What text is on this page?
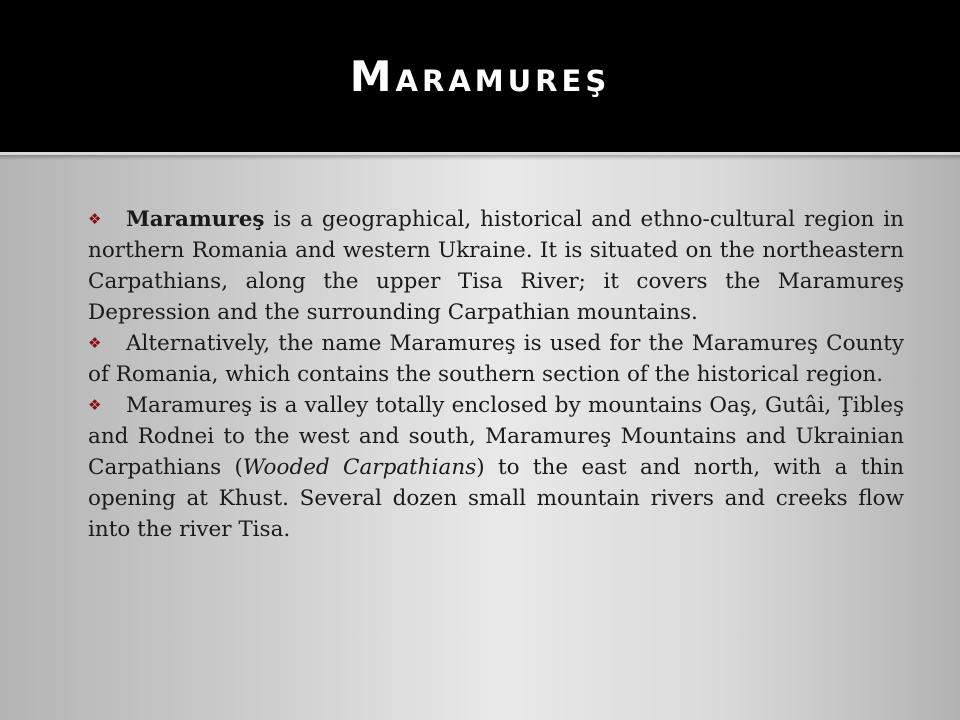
Maramureş

❖ Maramureş is a geographical, historical and ethno-cultural region in northern Romania and western Ukraine. It is situated on the northeastern Carpathians, along the upper Tisa River; it covers the Maramureş Depression and the surrounding Carpathian mountains.

❖ Alternatively, the name Maramureş is used for the Maramureş County of Romania, which contains the southern section of the historical region.

❖ Maramureş is a valley totally enclosed by mountains Oaş, Gutâi, Ţibleş and Rodnei to the west and south, Maramureş Mountains and Ukrainian Carpathians (Wooded Carpathians) to the east and north, with a thin opening at Khust. Several dozen small mountain rivers and creeks flow into the river Tisa.
